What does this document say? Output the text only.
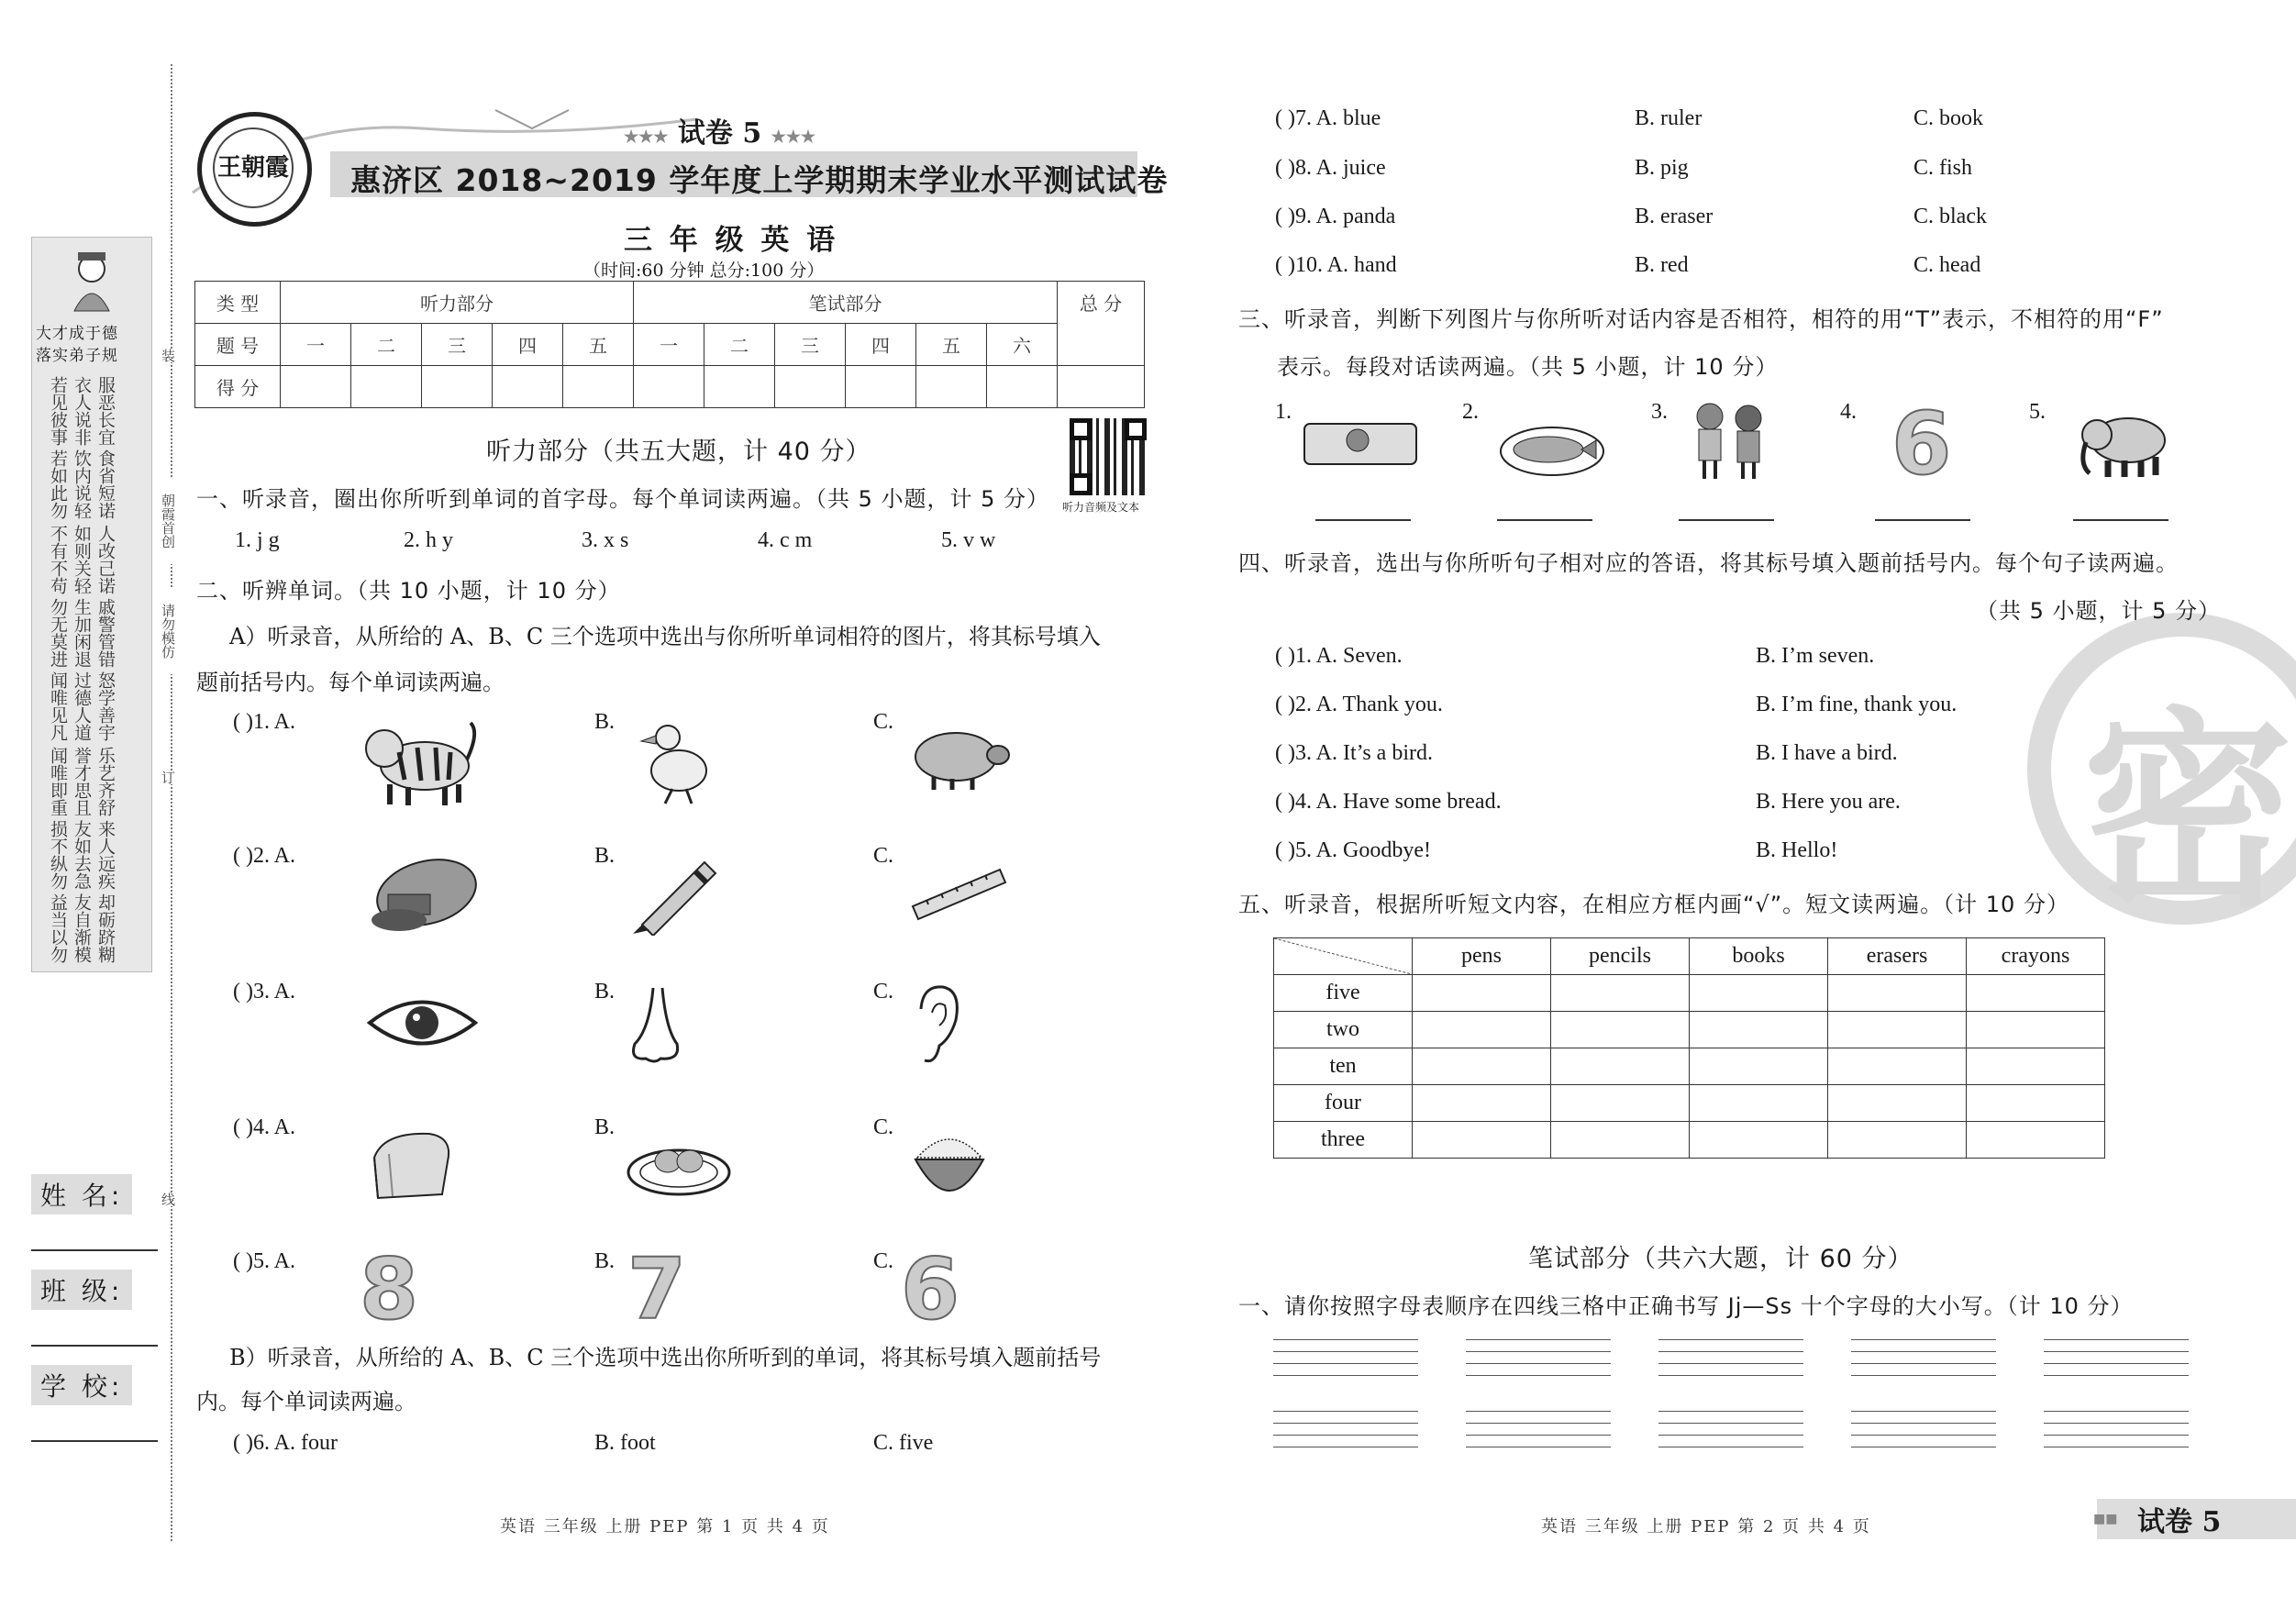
大才成于德
落实弟子规
若见彼事 衣人说非 服恶长宜
若如此勿 饮内说轻 食省短诺
不有不苟 如则关轻 人改己诺
勿无莫进 生加闲退 戚警管错
闻唯见凡 过德人道 怒学善宇
闻唯即重 誉才思且 乐艺齐舒
损不纵勿 友如去急 来人远疾
益当以勿 友自渐模 却砺跻糊
装
朝霞首创
请勿模仿
订
线
姓 名:
班 级:
学 校:
王朝霞
★★★ 试卷 5 ★★★
惠济区 2018~2019 学年度上学期期末学业水平测试试卷
三 年 级 英 语
（时间:60 分钟 总分:100 分）
类 型	听力部分					笔试部分						总 分
题 号	一	二	三	四	五	一	二	三	四	五	六	
得 分												
听力音频及文本
听力部分（共五大题，计 40 分）
一、听录音，圈出你所听到单词的首字母。每个单词读两遍。（共 5 小题，计 5 分）
1. j g	2. h y	3. x s	4. c m	5. v w
二、听辨单词。（共 10 小题，计 10 分）
A）听录音，从所给的 A、B、C 三个选项中选出与你所听单词相符的图片，将其标号填入
题前括号内。每个单词读两遍。
( )1. A.	B.	C.
( )2. A.	B.	C.
( )3. A.	B.	C.
( )4. A.	B.	C.
( )5. A.	B.	C.
8 7	6
B）听录音，从所给的 A、B、C 三个选项中选出你所听到的单词，将其标号填入题前括号
内。每个单词读两遍。
( )6. A. four	B. foot	C. five
英语 三年级 上册 PEP 第 1 页 共 4 页
密
( )7. A. blue	B. ruler	C. book
( )8. A. juice	B. pig	C. fish
( )9. A. panda	B. eraser	C. black
( )10. A. hand	B. red	C. head
三、听录音，判断下列图片与你所听对话内容是否相符，相符的用“T”表示，不相符的用“F”
表示。每段对话读两遍。（共 5 小题，计 10 分）
1.	2.	3.	4.	5.
6
四、听录音，选出与你所听句子相对应的答语，将其标号填入题前括号内。每个句子读两遍。
（共 5 小题，计 5 分）
( )1. A. Seven.	B. I’m seven.
( )2. A. Thank you.	B. I’m fine, thank you.
( )3. A. It’s a bird.	B. I have a bird.
( )4. A. Have some bread.	B. Here you are.
( )5. A. Goodbye!	B. Hello!
五、听录音，根据所听短文内容，在相应方框内画“√”。短文读两遍。（计 10 分）
	pens	pencils	books	erasers	crayons
five					
two					
ten					
four					
three					
笔试部分（共六大题，计 60 分）
一、请你按照字母表顺序在四线三格中正确书写 Jj—Ss 十个字母的大小写。（计 10 分）
英语 三年级 上册 PEP 第 2 页 共 4 页	■■ 试卷 5
